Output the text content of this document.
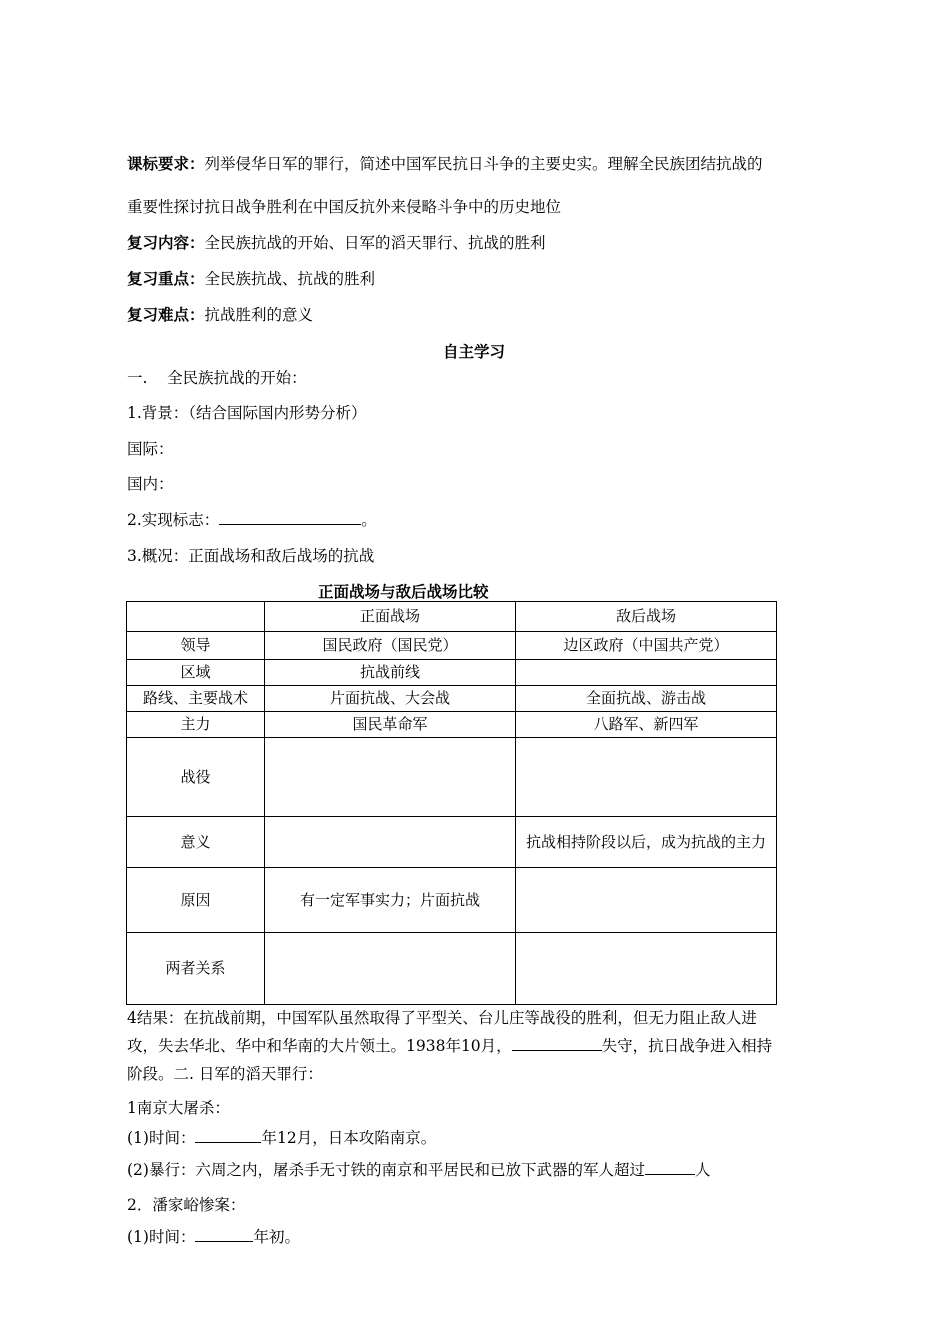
课标要求：列举侵华日军的罪行，简述中国军民抗日斗争的主要史实。理解全民族团结抗战的
重要性探讨抗日战争胜利在中国反抗外来侵略斗争中的历史地位
复习内容：全民族抗战的开始、日军的滔天罪行、抗战的胜利
复习重点：全民族抗战、抗战的胜利
复习难点：抗战胜利的意义
自主学习
一.    全民族抗战的开始：
1.背景：（结合国际国内形势分析）
国际：
国内：
2.实现标志：	。
3.概况：正面战场和敌后战场的抗战
正面战场与敌后战场比较
	正面战场	敌后战场
领导	国民政府（国民党）	边区政府（中国共产党）
区域	抗战前线	
路线、主要战术	片面抗战、大会战	全面抗战、游击战
主力	国民革命军	八路军、新四军
战役		
意义		抗战相持阶段以后，成为抗战的主力
原因	有一定军事实力；片面抗战	
两者关系		
4结果：在抗战前期，中国军队虽然取得了平型关、台儿庄等战役的胜利，但无力阻止敌人进
攻，失去华北、华中和华南的大片领土。1938年10月，	失守，抗日战争进入相持
阶段。二. 日军的滔天罪行：
1南京大屠杀：
(1)时间：	年12月，日本攻陷南京。
(2)暴行：六周之内，屠杀手无寸铁的南京和平居民和已放下武器的军人超过	人
2．潘家峪惨案：
(1)时间：	年初。
